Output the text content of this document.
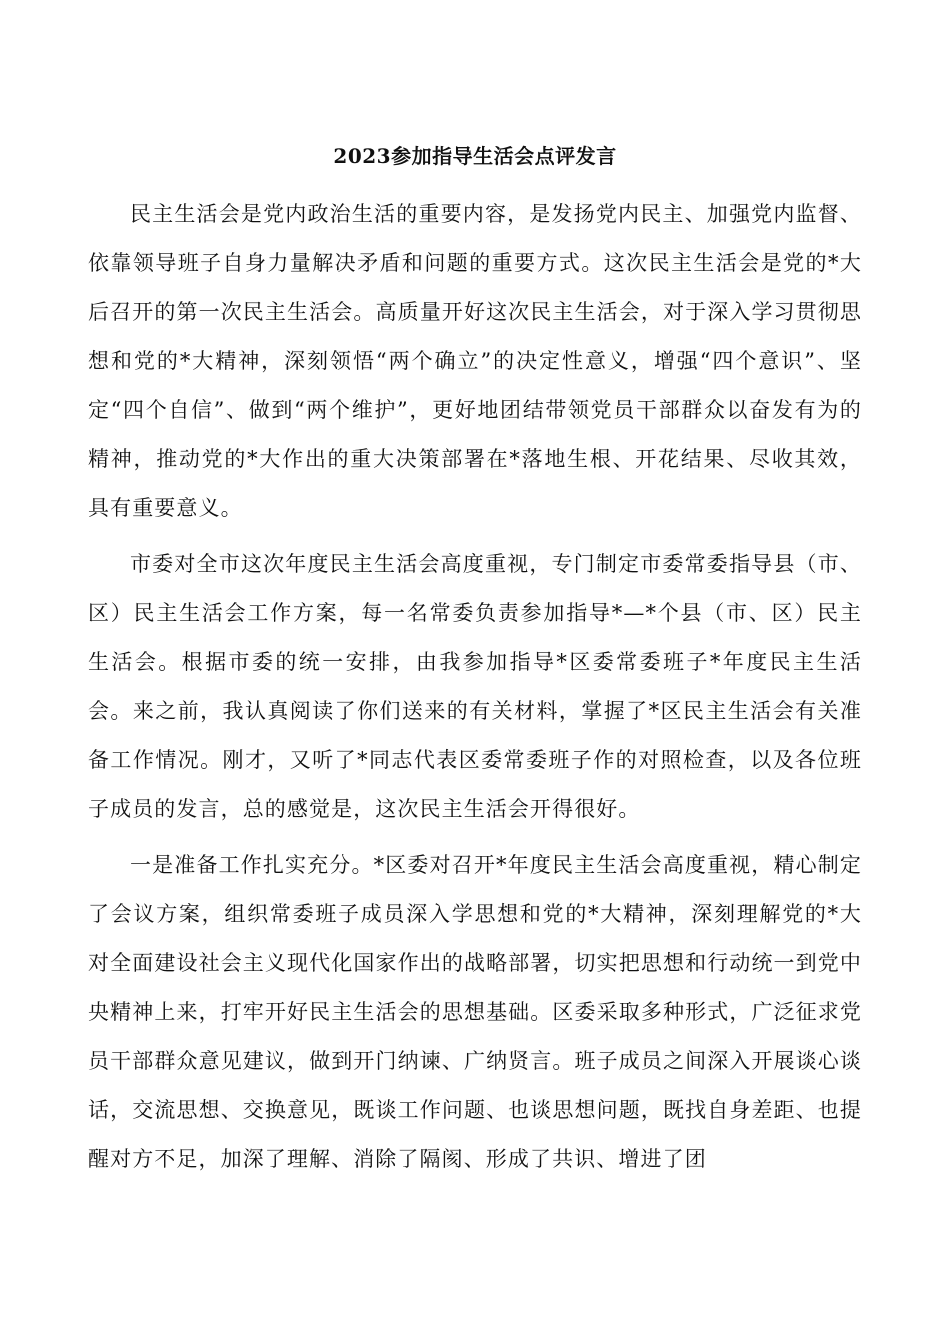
2023参加指导生活会点评发言

民主生活会是党内政治生活的重要内容，是发扬党内民主、加强党内监督、依靠领导班子自身力量解决矛盾和问题的重要方式。这次民主生活会是党的*大后召开的第一次民主生活会。高质量开好这次民主生活会，对于深入学习贯彻思想和党的*大精神，深刻领悟“两个确立”的决定性意义，增强“四个意识”、坚定“四个自信”、做到“两个维护”，更好地团结带领党员干部群众以奋发有为的精神，推动党的*大作出的重大决策部署在*落地生根、开花结果、尽收其效，具有重要意义。

市委对全市这次年度民主生活会高度重视，专门制定市委常委指导县（市、区）民主生活会工作方案，每一名常委负责参加指导*—*个县（市、区）民主生活会。根据市委的统一安排，由我参加指导*区委常委班子*年度民主生活会。来之前，我认真阅读了你们送来的有关材料，掌握了*区民主生活会有关准备工作情况。刚才，又听了*同志代表区委常委班子作的对照检查，以及各位班子成员的发言，总的感觉是，这次民主生活会开得很好。

一是准备工作扎实充分。*区委对召开*年度民主生活会高度重视，精心制定了会议方案，组织常委班子成员深入学思想和党的*大精神，深刻理解党的*大对全面建设社会主义现代化国家作出的战略部署，切实把思想和行动统一到党中央精神上来，打牢开好民主生活会的思想基础。区委采取多种形式，广泛征求党员干部群众意见建议，做到开门纳谏、广纳贤言。班子成员之间深入开展谈心谈话，交流思想、交换意见，既谈工作问题、也谈思想问题，既找自身差距、也提醒对方不足，加深了理解、消除了隔阂、形成了共识、增进了团
